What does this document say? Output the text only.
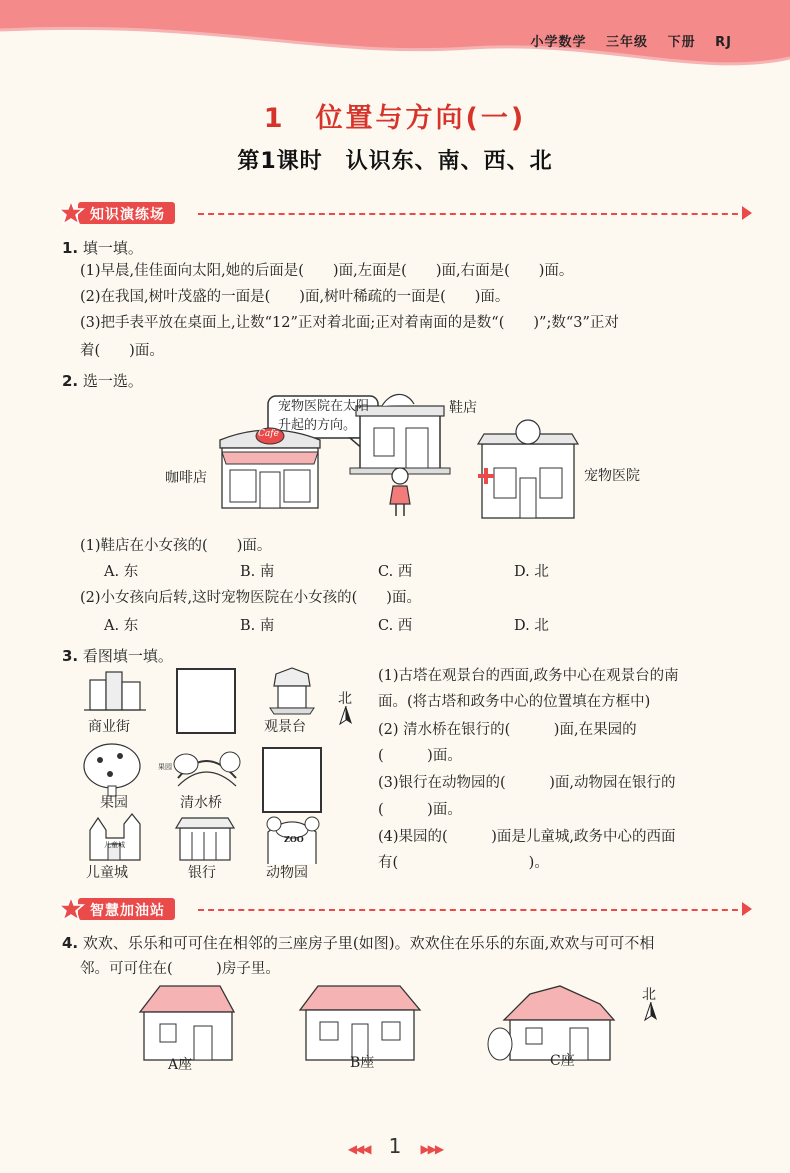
小学数学 三年级 下册 RJ
1　位置与方向(一)
第1课时　认识东、南、西、北
知识演练场
1. 填一填。
(1)早晨,佳佳面向太阳,她的后面是(　　)面,左面是(　　)面,右面是(　　)面。
(2)在我国,树叶茂盛的一面是(　　)面,树叶稀疏的一面是(　　)面。
(3)把手表平放在桌面上,让数“12”正对着北面;正对着南面的是数“(　　)”;数“3”正对
着(　　)面。
2. 选一选。
宠物医院在太阳
升起的方向。
鞋店
咖啡店
Cafe
宠物医院
(1)鞋店在小女孩的(　　)面。
A. 东	B. 南	C. 西	D. 北
(2)小女孩向后转,这时宠物医院在小女孩的(　　)面。
A. 东	B. 南	C. 西	D. 北
3. 看图填一填。
果园
儿童城
ZOO
商业街	观景台
果园	清水桥
儿童城	银行	动物园
北
(1)古塔在观景台的西面,政务中心在观景台的南
面。(将古塔和政务中心的位置填在方框中)
(2) 清水桥在银行的(　　　)面,在果园的
(　　　)面。
(3)银行在动物园的(　　　)面,动物园在银行的
(　　　)面。
(4)果园的(　　　)面是儿童城,政务中心的西面
有(　　　　　　　　　)。
智慧加油站
4. 欢欢、乐乐和可可住在相邻的三座房子里(如图)。欢欢住在乐乐的东面,欢欢与可可不相
邻。可可住在(　　　)房子里。
A座	B座	C座
北
◀◀◀ 1 ▶▶▶
